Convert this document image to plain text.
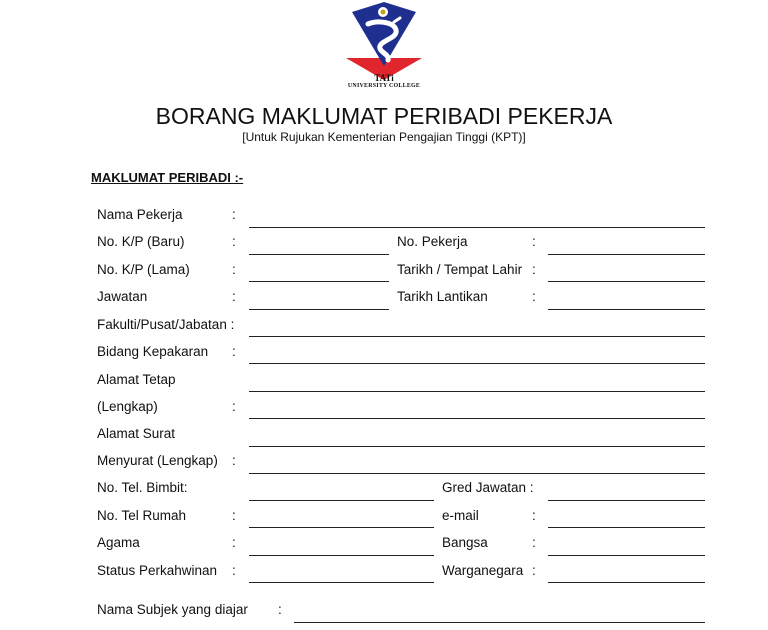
TATi
UNIVERSITY COLLEGE
BORANG MAKLUMAT PERIBADI PEKERJA
[Untuk Rujukan Kementerian Pengajian Tinggi (KPT)]
MAKLUMAT PERIBADI :-
Nama Pekerja	:
No. K/P (Baru)	:	No. Pekerja	:
No. K/P (Lama)	:	Tarikh / Tempat Lahir :
Jawatan	:	Tarikh Lantikan	:
Fakulti/Pusat/Jabatan :
Bidang Kepakaran :
Alamat Tetap
(Lengkap)	:
Alamat Surat
Menyurat (Lengkap) :
No. Tel. Bimbit:	Gred Jawatan :
No. Tel Rumah	:	e-mail	:
Agama	:	Bangsa	:
Status Perkahwinan :	Warganegara :
Nama Subjek yang diajar :
